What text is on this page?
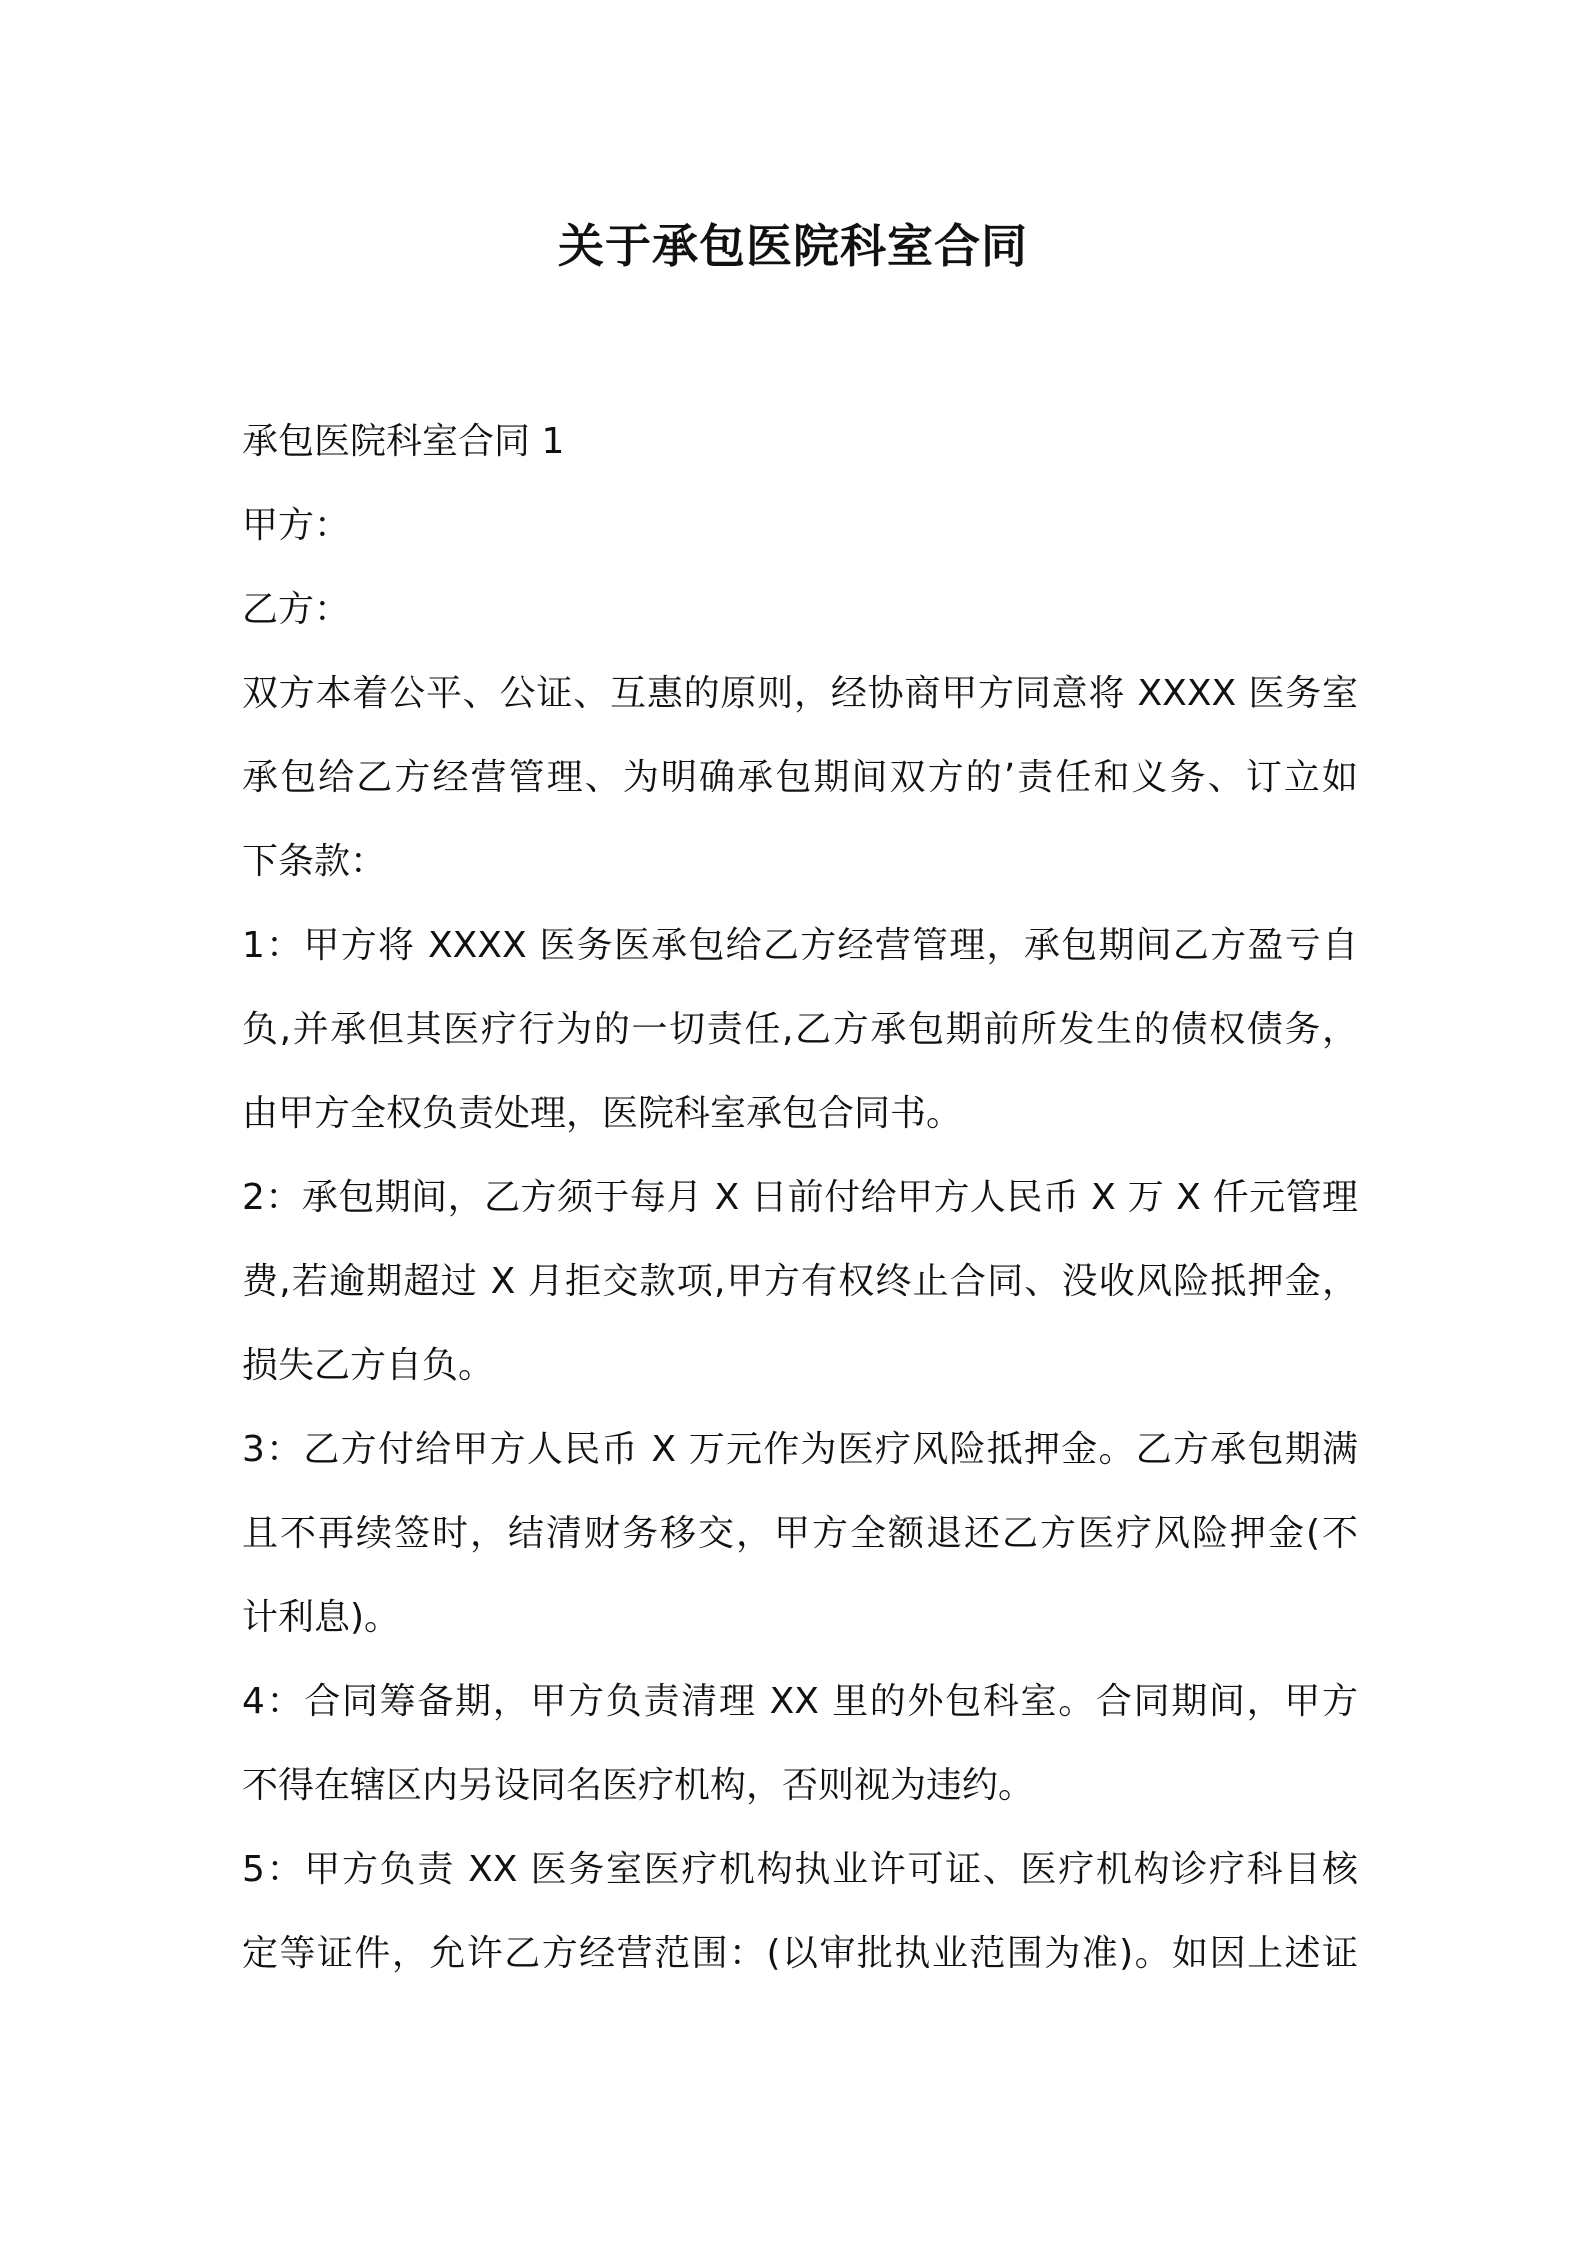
关于承包医院科室合同
承包医院科室合同 1
甲方：
乙方：
双方本着公平、公证、互惠的原则，经协商甲方同意将 XXXX 医务室
承包给乙方经营管理、为明确承包期间双方的’责任和义务、订立如
下条款：
1：甲方将 XXXX 医务医承包给乙方经营管理，承包期间乙方盈亏自
负,并承但其医疗行为的一切责任,乙方承包期前所发生的债权债务，
由甲方全权负责处理，医院科室承包合同书。
2：承包期间，乙方须于每月 X 日前付给甲方人民币 X 万 X 仟元管理
费,若逾期超过 X 月拒交款项,甲方有权终止合同、没收风险抵押金，
损失乙方自负。
3：乙方付给甲方人民币 X 万元作为医疗风险抵押金。乙方承包期满
且不再续签时，结清财务移交，甲方全额退还乙方医疗风险押金(不
计利息)。
4：合同筹备期，甲方负责清理 XX 里的外包科室。合同期间，甲方
不得在辖区内另设同名医疗机构，否则视为违约。
5：甲方负责 XX 医务室医疗机构执业许可证、医疗机构诊疗科目核
定等证件，允许乙方经营范围：(以审批执业范围为准)。如因上述证
